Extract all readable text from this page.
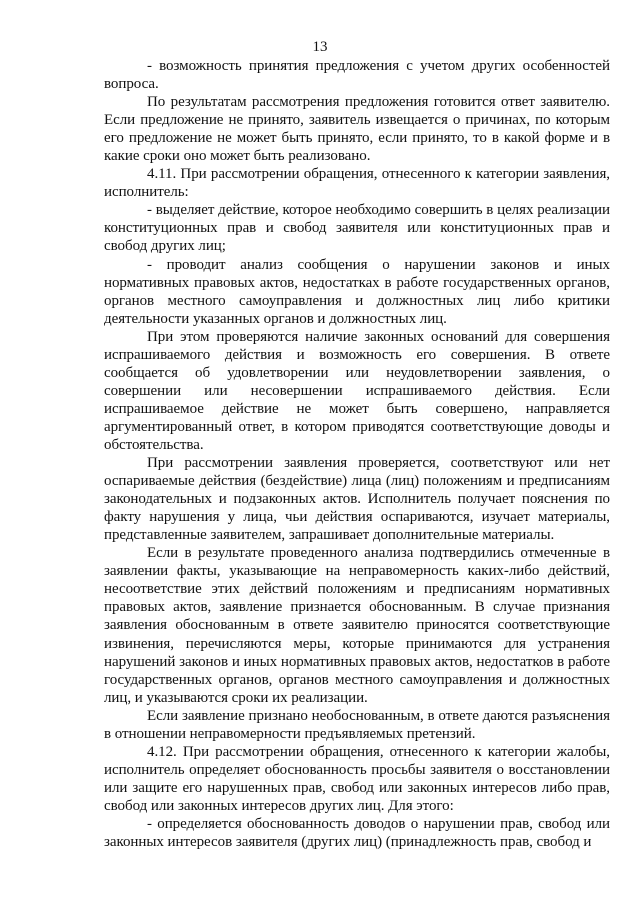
13

- возможность принятия предложения с учетом других особенностей вопроса.

По результатам рассмотрения предложения готовится ответ заявителю. Если предложение не принято, заявитель извещается о причинах, по которым его предложение не может быть принято, если принято, то в какой форме и в какие сроки оно может быть реализовано.

4.11. При рассмотрении обращения, отнесенного к категории заявления, исполнитель:

- выделяет действие, которое необходимо совершить в целях реализации конституционных прав и свобод заявителя или конституционных прав и свобод других лиц;

- проводит анализ сообщения о нарушении законов и иных нормативных правовых актов, недостатках в работе государственных органов, органов местного самоуправления и должностных лиц либо критики деятельности указанных органов и должностных лиц.

При этом проверяются наличие законных оснований для совершения испрашиваемого действия и возможность его совершения. В ответе сообщается об удовлетворении или неудовлетворении заявления, о совершении или несовершении испрашиваемого действия. Если испрашиваемое действие не может быть совершено, направляется аргументированный ответ, в котором приводятся соответствующие доводы и обстоятельства.

При рассмотрении заявления проверяется, соответствуют или нет оспариваемые действия (бездействие) лица (лиц) положениям и предписаниям законодательных и подзаконных актов. Исполнитель получает пояснения по факту нарушения у лица, чьи действия оспариваются, изучает материалы, представленные заявителем, запрашивает дополнительные материалы.

Если в результате проведенного анализа подтвердились отмеченные в заявлении факты, указывающие на неправомерность каких-либо действий, несоответствие этих действий положениям и предписаниям нормативных правовых актов, заявление признается обоснованным. В случае признания заявления обоснованным в ответе заявителю приносятся соответствующие извинения, перечисляются меры, которые принимаются для устранения нарушений законов и иных нормативных правовых актов, недостатков в работе государственных органов, органов местного самоуправления и должностных лиц, и указываются сроки их реализации.

Если заявление признано необоснованным, в ответе даются разъяснения в отношении неправомерности предъявляемых претензий.

4.12. При рассмотрении обращения, отнесенного к категории жалобы, исполнитель определяет обоснованность просьбы заявителя о восстановлении или защите его нарушенных прав, свобод или законных интересов либо прав, свобод или законных интересов других лиц. Для этого:

- определяется обоснованность доводов о нарушении прав, свобод или законных интересов заявителя (других лиц) (принадлежность прав, свобод и
